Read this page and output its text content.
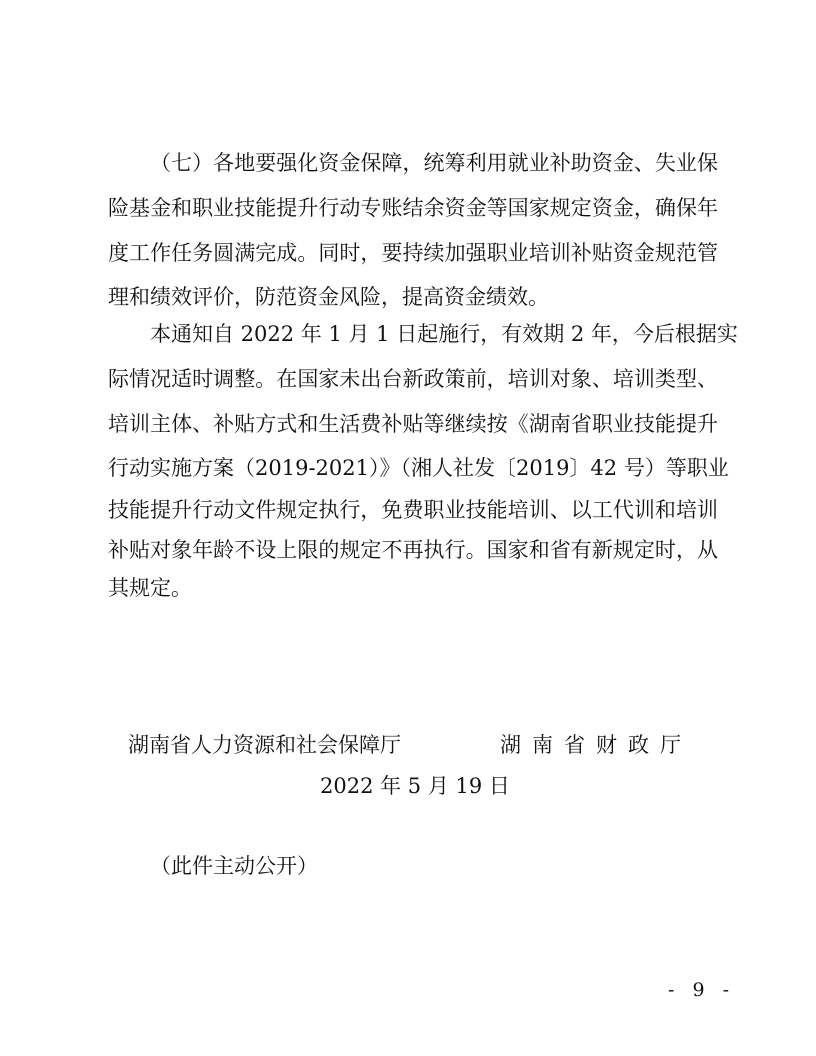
（七）各地要强化资金保障，统筹利用就业补助资金、失业保
险基金和职业技能提升行动专账结余资金等国家规定资金，确保年
度工作任务圆满完成。同时，要持续加强职业培训补贴资金规范管
理和绩效评价，防范资金风险，提高资金绩效。
本通知自 2022 年 1 月 1 日起施行，有效期 2 年，今后根据实
际情况适时调整。在国家未出台新政策前，培训对象、培训类型、
培训主体、补贴方式和生活费补贴等继续按《湖南省职业技能提升
行动实施方案（2019-2021）》（湘人社发〔2019〕42 号）等职业
技能提升行动文件规定执行，免费职业技能培训、以工代训和培训
补贴对象年龄不设上限的规定不再执行。国家和省有新规定时，从
其规定。
湖南省人力资源和社会保障厅	湖南省财政厅
2022 年 5 月 19 日
（此件主动公开）
- 9 -
